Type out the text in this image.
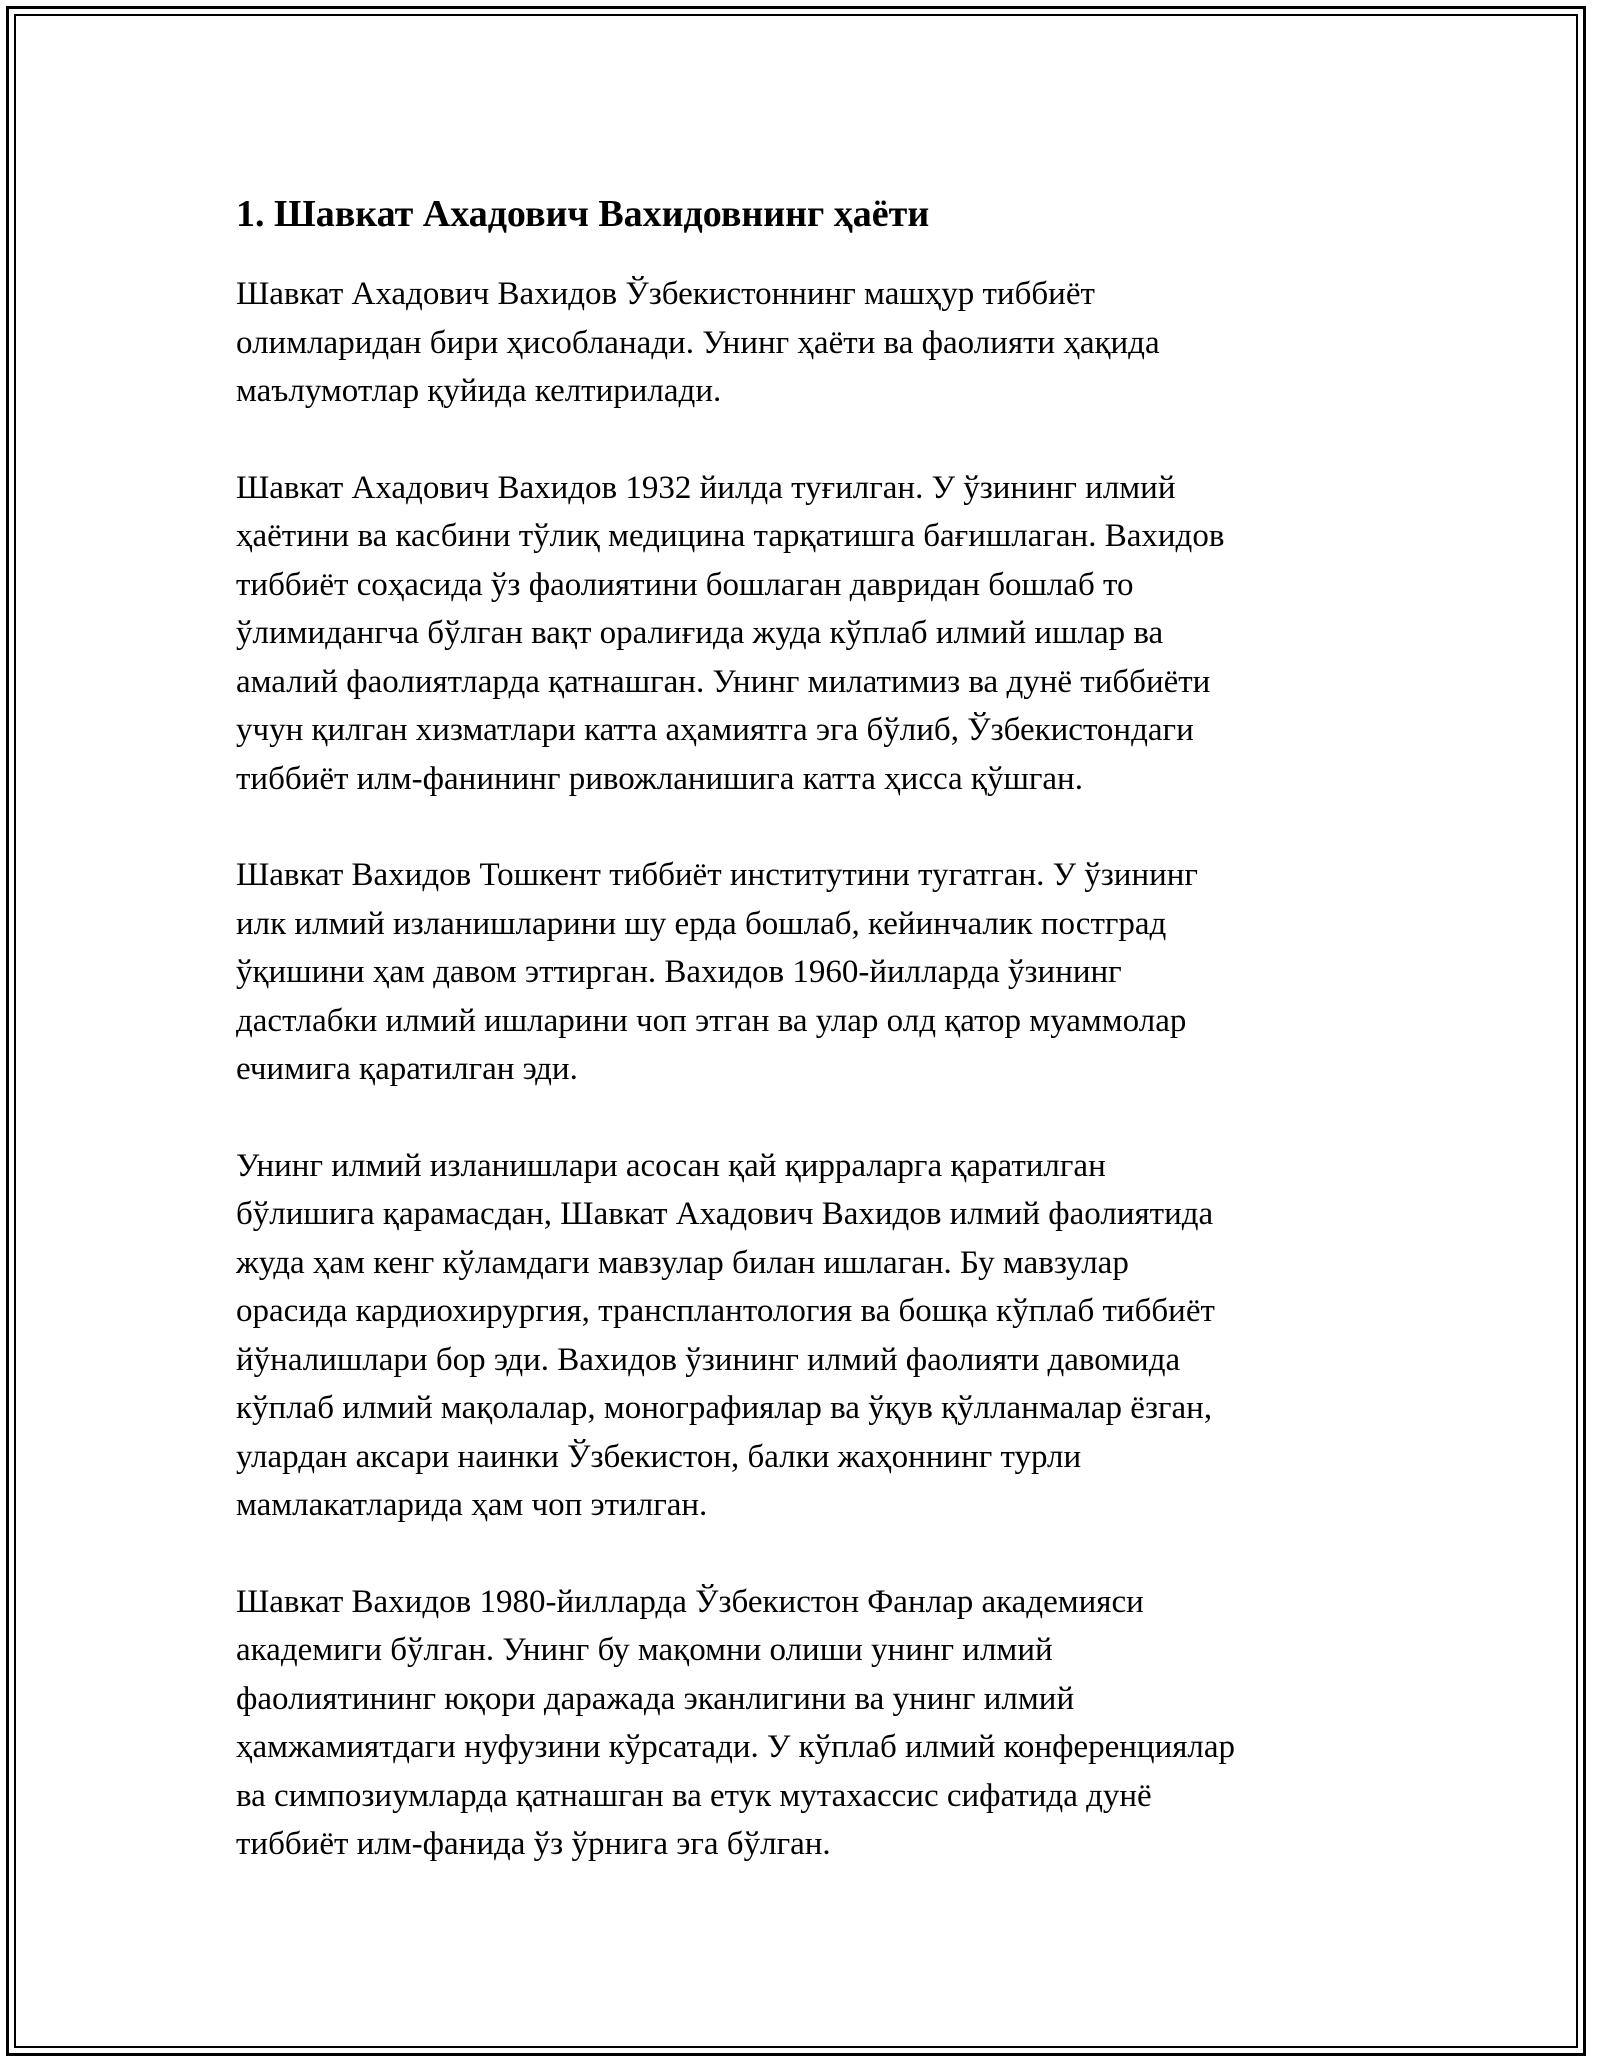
1. Шавкат Ахадович Вахидовнинг ҳаёти

Шавкат Ахадович Вахидов Ўзбекистоннинг машҳур тиббиёт
олимларидан бири ҳисобланади. Унинг ҳаёти ва фаолияти ҳақида
маълумотлар қуйида келтирилади.

Шавкат Ахадович Вахидов 1932 йилда туғилган. У ўзининг илмий
ҳаётини ва касбини тўлиқ медицина тарқатишга бағишлаган. Вахидов
тиббиёт соҳасида ўз фаолиятини бошлаган давридан бошлаб то
ўлимидангча бўлган вақт оралиғида жуда кўплаб илмий ишлар ва
амалий фаолиятларда қатнашган. Унинг милатимиз ва дунё тиббиёти
учун қилган хизматлари катта аҳамиятга эга бўлиб, Ўзбекистондаги
тиббиёт илм-фанининг ривожланишига катта ҳисса қўшган.

Шавкат Вахидов Тошкент тиббиёт институтини тугатган. У ўзининг
илк илмий изланишларини шу ерда бошлаб, кейинчалик постград
ўқишини ҳам давом эттирган. Вахидов 1960-йилларда ўзининг
дастлабки илмий ишларини чоп этган ва улар олд қатор муаммолар
ечимига қаратилган эди.

Унинг илмий изланишлари асосан қай қирраларга қаратилган
бўлишига қарамасдан, Шавкат Ахадович Вахидов илмий фаолиятида
жуда ҳам кенг кўламдаги мавзулар билан ишлаган. Бу мавзулар
орасида кардиохирургия, трансплантология ва бошқа кўплаб тиббиёт
йўналишлари бор эди. Вахидов ўзининг илмий фаолияти давомида
кўплаб илмий мақолалар, монографиялар ва ўқув қўлланмалар ёзган,
улардан аксари наинки Ўзбекистон, балки жаҳоннинг турли
мамлакатларида ҳам чоп этилган.

Шавкат Вахидов 1980-йилларда Ўзбекистон Фанлар академияси
академиги бўлган. Унинг бу мақомни олиши унинг илмий
фаолиятининг юқори даражада эканлигини ва унинг илмий
ҳамжамиятдаги нуфузини кўрсатади. У кўплаб илмий конференциялар
ва симпозиумларда қатнашган ва етук мутахассис сифатида дунё
тиббиёт илм-фанида ўз ўрнига эга бўлган.
